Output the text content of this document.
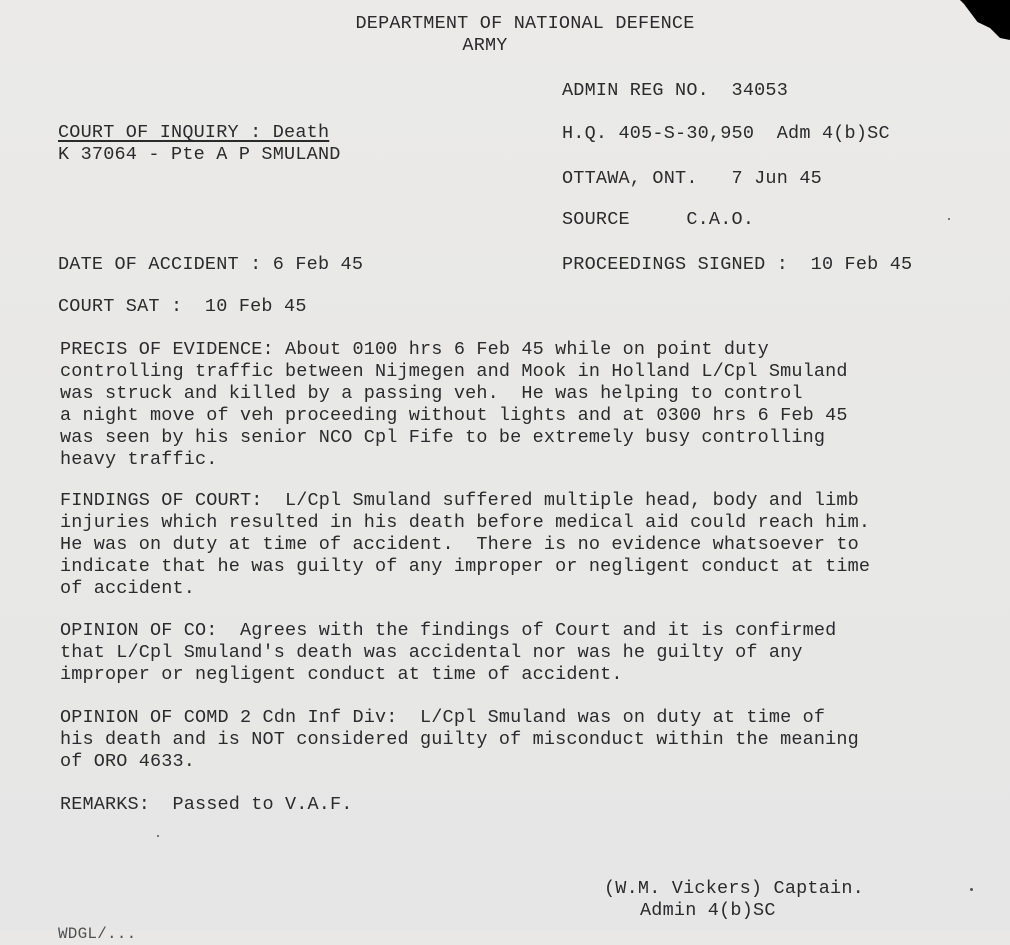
DEPARTMENT OF NATIONAL DEFENCE
ARMY
ADMIN REG NO.  34053
H.Q. 405-S-30,950  Adm 4(b)SC
OTTAWA, ONT.   7 Jun 45
SOURCE     C.A.O.
PROCEEDINGS SIGNED :  10 Feb 45
COURT OF INQUIRY : Death
K 37064 - Pte A P SMULAND
DATE OF ACCIDENT : 6 Feb 45
COURT SAT :  10 Feb 45
PRECIS OF EVIDENCE: About 0100 hrs 6 Feb 45 while on point duty
controlling traffic between Nijmegen and Mook in Holland L/Cpl Smuland
was struck and killed by a passing veh.  He was helping to control
a night move of veh proceeding without lights and at 0300 hrs 6 Feb 45
was seen by his senior NCO Cpl Fife to be extremely busy controlling
heavy traffic.
FINDINGS OF COURT:  L/Cpl Smuland suffered multiple head, body and limb
injuries which resulted in his death before medical aid could reach him.
He was on duty at time of accident.  There is no evidence whatsoever to
indicate that he was guilty of any improper or negligent conduct at time
of accident.
OPINION OF CO:  Agrees with the findings of Court and it is confirmed
that L/Cpl Smuland's death was accidental nor was he guilty of any
improper or negligent conduct at time of accident.
OPINION OF COMD 2 Cdn Inf Div:  L/Cpl Smuland was on duty at time of
his death and is NOT considered guilty of misconduct within the meaning
of ORO 4633.
REMARKS:  Passed to V.A.F.
(W.M. Vickers) Captain.
Admin 4(b)SC
WDGL/...
